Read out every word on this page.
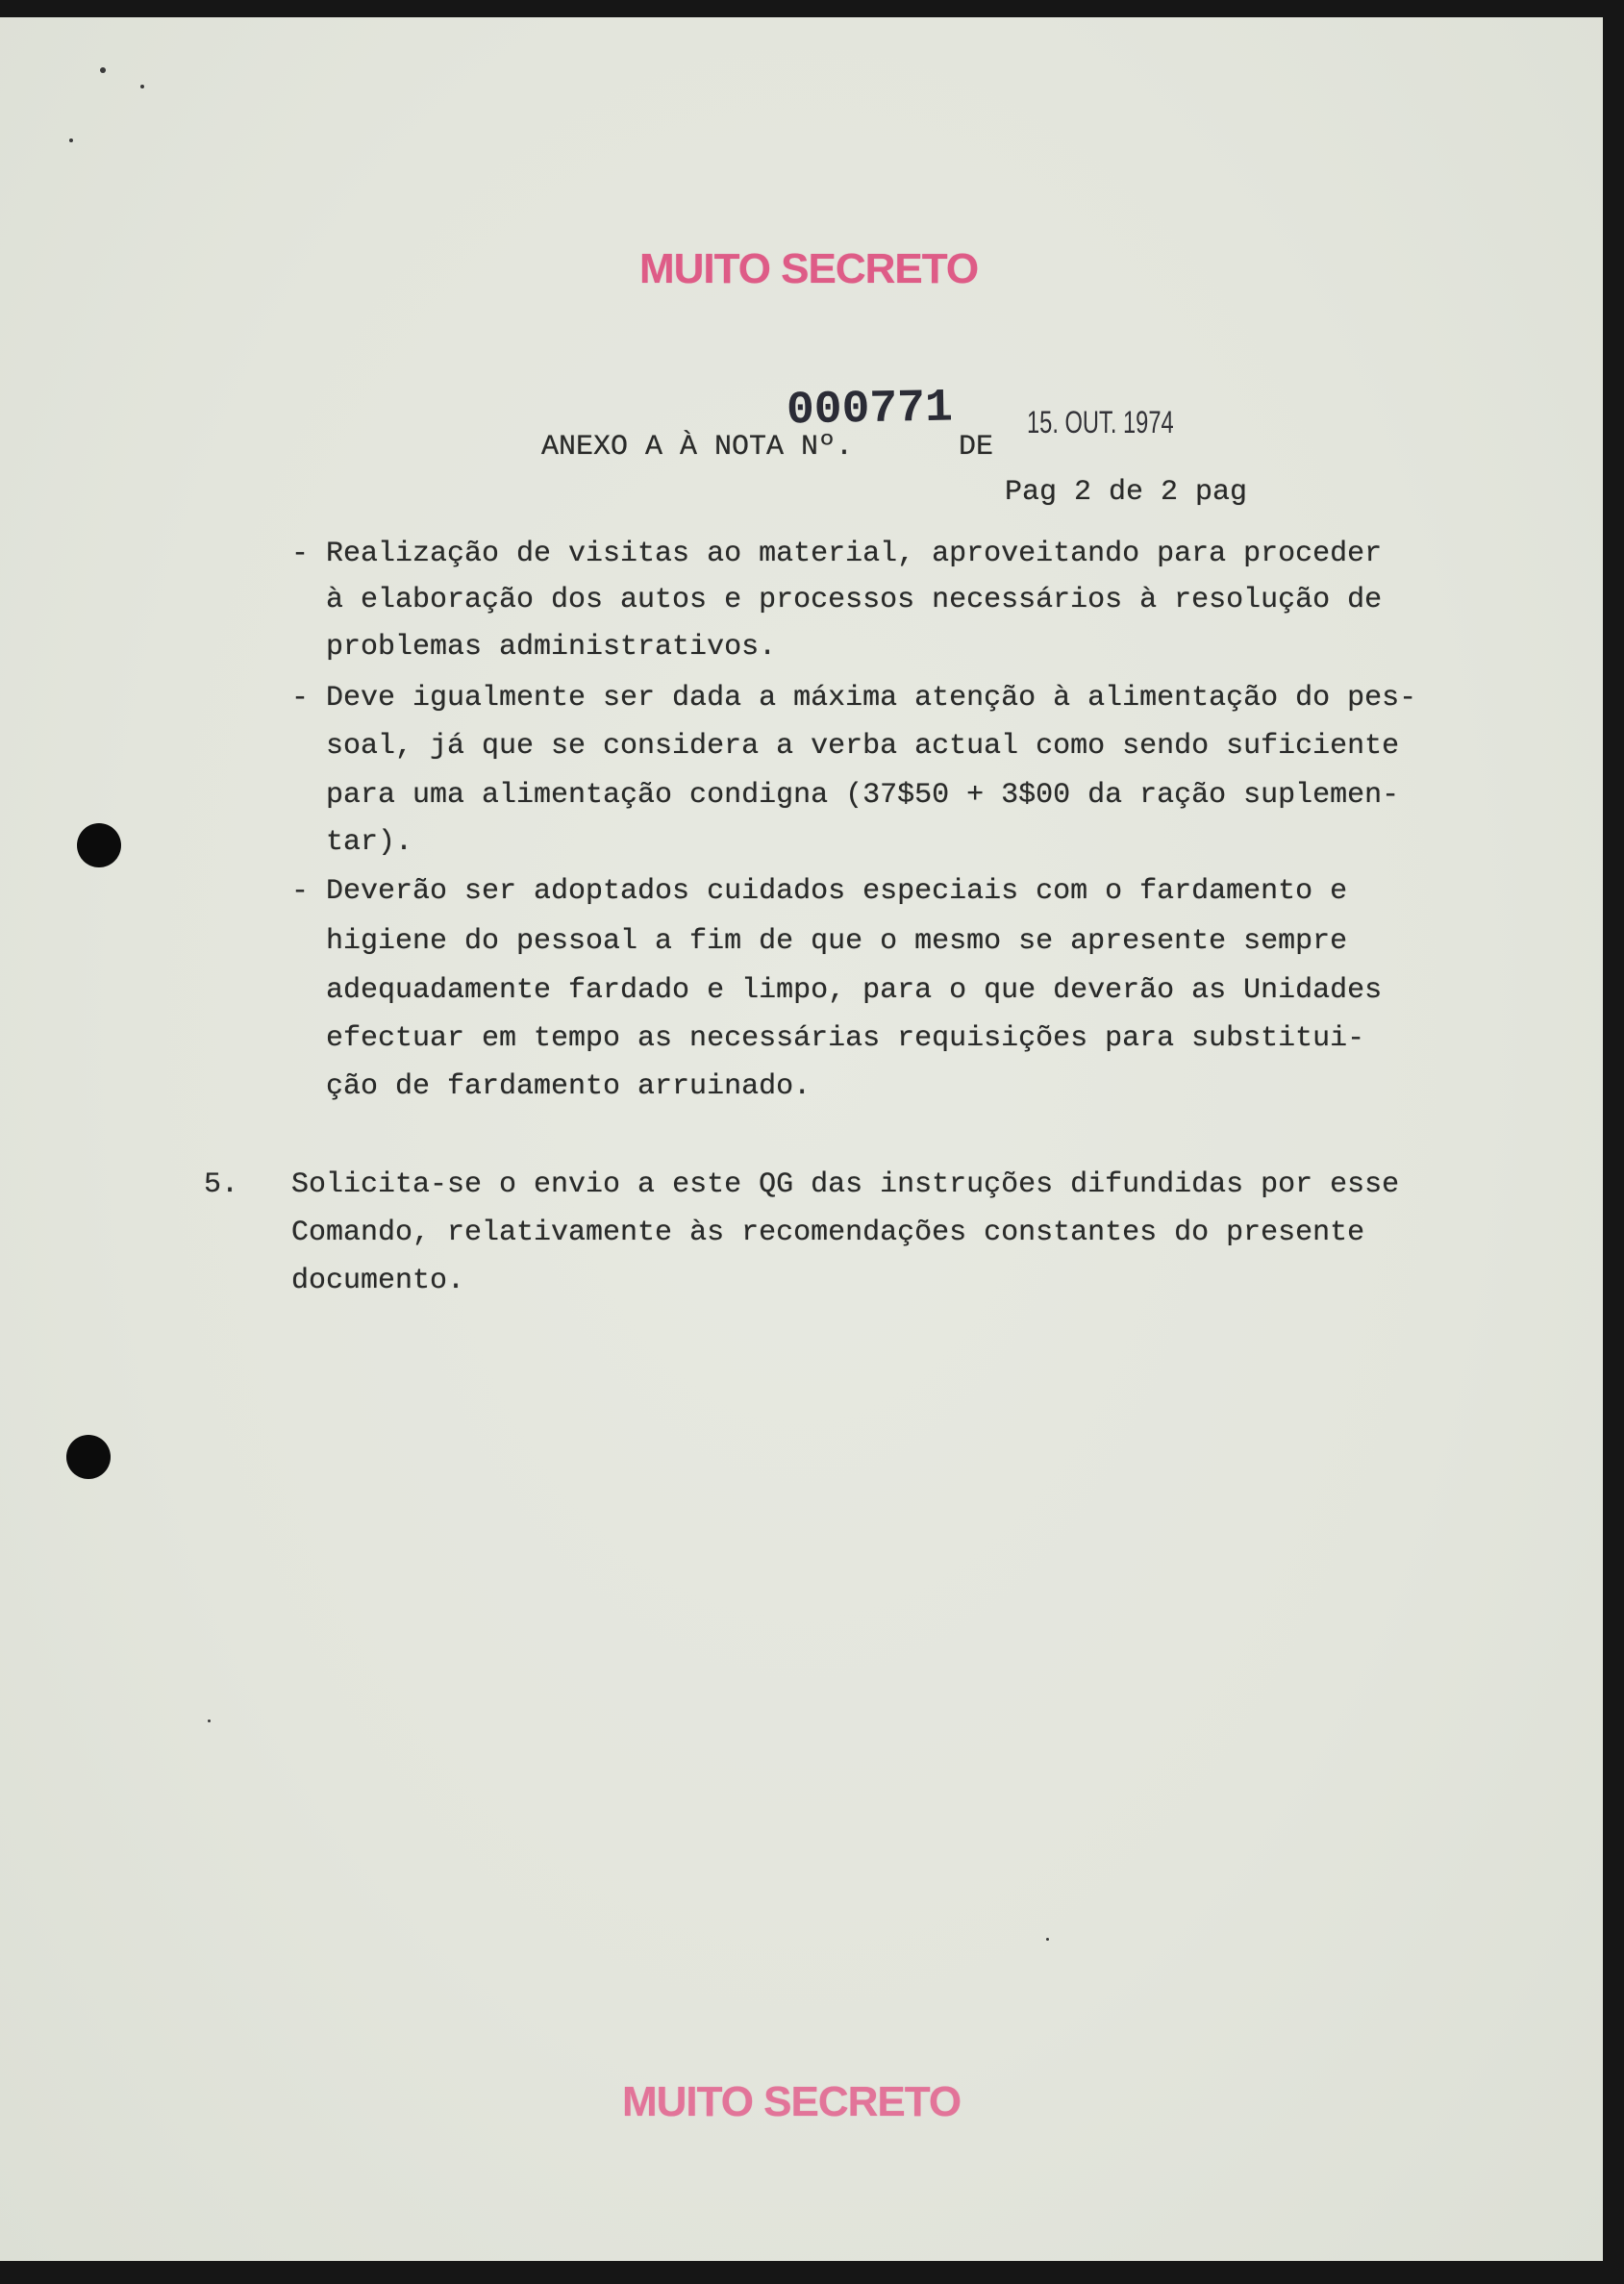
MUITO SECRETO
000771 15. OUT. 1974
ANEXO A À NOTA Nº.	DE
Pag 2 de 2 pag
- Realização de visitas ao material, aproveitando para proceder
à elaboração dos autos e processos necessários à resolução de
problemas administrativos.
- Deve igualmente ser dada a máxima atenção à alimentação do pes-
soal, já que se considera a verba actual como sendo suficiente
para uma alimentação condigna (37$50 + 3$00 da ração suplemen-
tar).
- Deverão ser adoptados cuidados especiais com o fardamento e
higiene do pessoal a fim de que o mesmo se apresente sempre
adequadamente fardado e limpo, para o que deverão as Unidades
efectuar em tempo as necessárias requisições para substitui-
ção de fardamento arruinado.
5. Solicita-se o envio a este QG das instruções difundidas por esse
Comando, relativamente às recomendações constantes do presente
documento.
MUITO SECRETO
